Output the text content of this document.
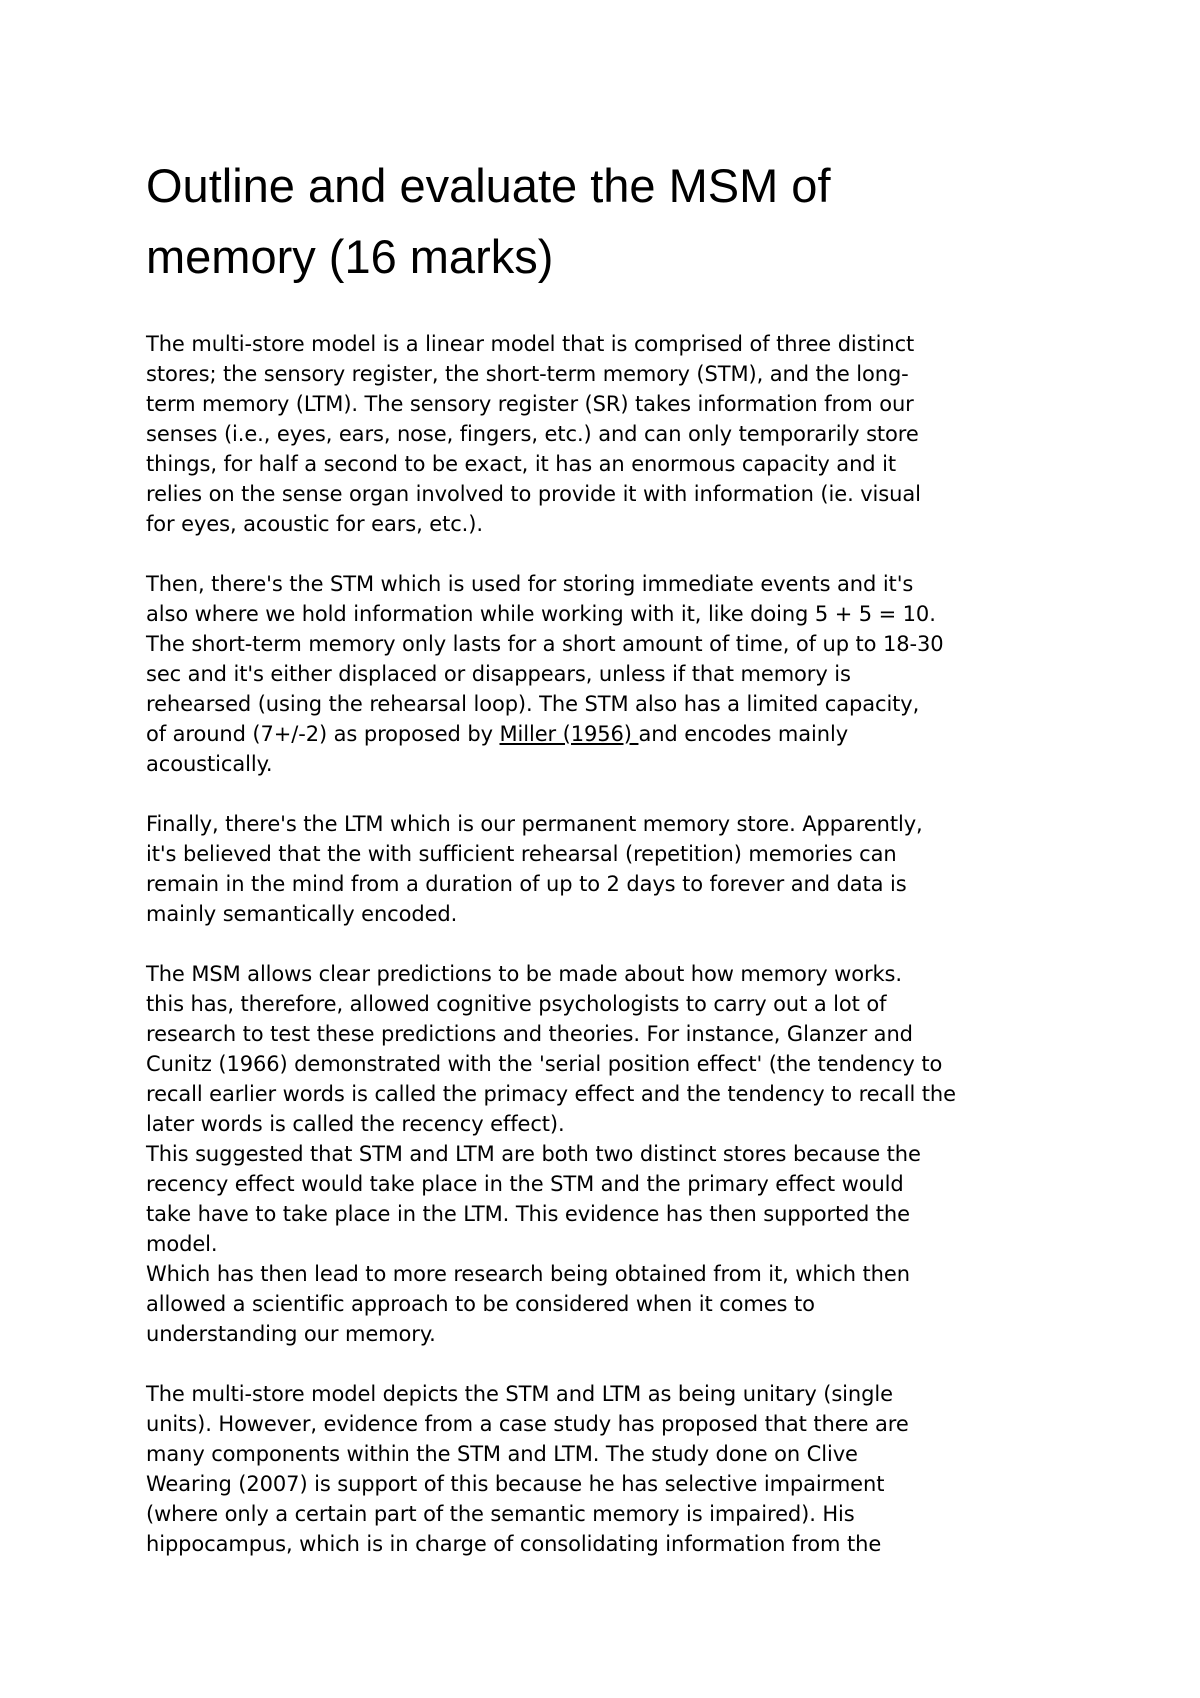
Outline and evaluate the MSM of
memory (16 marks)
The multi-store model is a linear model that is comprised of three distinct
stores; the sensory register, the short-term memory (STM), and the long-
term memory (LTM). The sensory register (SR) takes information from our
senses (i.e., eyes, ears, nose, fingers, etc.) and can only temporarily store
things, for half a second to be exact, it has an enormous capacity and it
relies on the sense organ involved to provide it with information (ie. visual
for eyes, acoustic for ears, etc.).
Then, there's the STM which is used for storing immediate events and it's
also where we hold information while working with it, like doing 5 + 5 = 10.
The short-term memory only lasts for a short amount of time, of up to 18-30
sec and it's either displaced or disappears, unless if that memory is
rehearsed (using the rehearsal loop). The STM also has a limited capacity,
of around (7+/-2) as proposed by Miller (1956) and encodes mainly
acoustically.
Finally, there's the LTM which is our permanent memory store. Apparently,
it's believed that the with sufficient rehearsal (repetition) memories can
remain in the mind from a duration of up to 2 days to forever and data is
mainly semantically encoded.
The MSM allows clear predictions to be made about how memory works.
this has, therefore, allowed cognitive psychologists to carry out a lot of
research to test these predictions and theories. For instance, Glanzer and
Cunitz (1966) demonstrated with the 'serial position effect' (the tendency to
recall earlier words is called the primacy effect and the tendency to recall the
later words is called the recency effect).
This suggested that STM and LTM are both two distinct stores because the
recency effect would take place in the STM and the primary effect would
take have to take place in the LTM. This evidence has then supported the
model.
Which has then lead to more research being obtained from it, which then
allowed a scientific approach to be considered when it comes to
understanding our memory.
The multi-store model depicts the STM and LTM as being unitary (single
units). However, evidence from a case study has proposed that there are
many components within the STM and LTM. The study done on Clive
Wearing (2007) is support of this because he has selective impairment
(where only a certain part of the semantic memory is impaired). His
hippocampus, which is in charge of consolidating information from the
